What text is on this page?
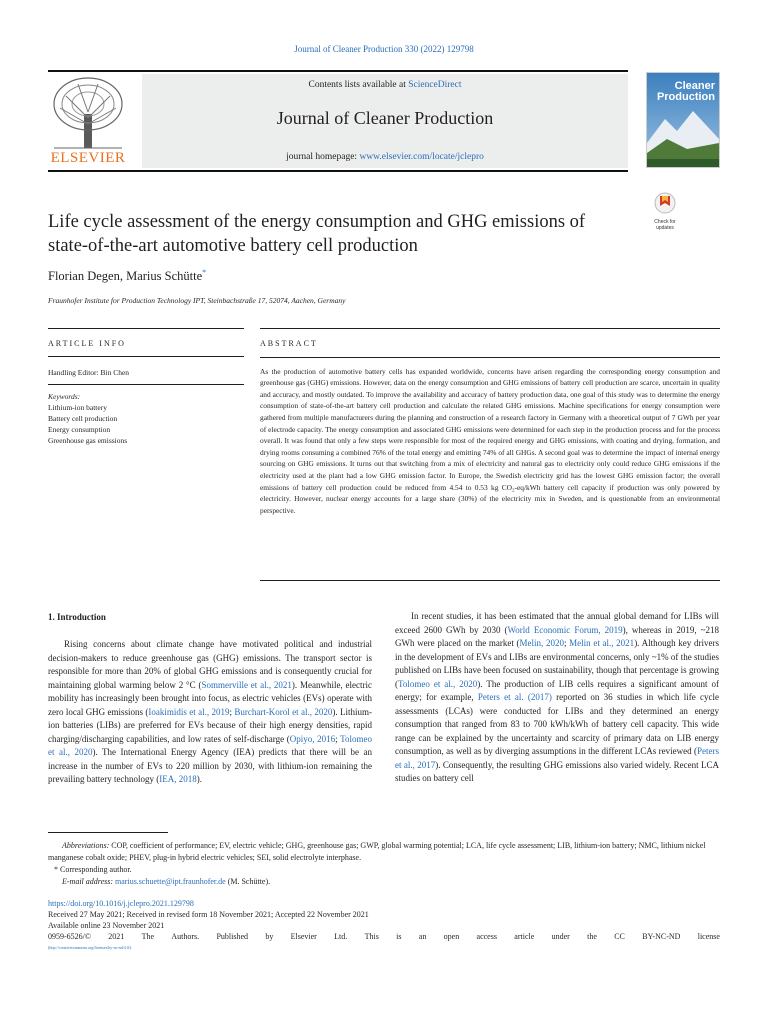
Journal of Cleaner Production 330 (2022) 129798
ELSEVIER
Contents lists available at ScienceDirect
Journal of Cleaner Production
journal homepage: www.elsevier.com/locate/jclepro
Cleaner
Production
Check for updates
Life cycle assessment of the energy consumption and GHG emissions of
state-of-the-art automotive battery cell production
Florian Degen, Marius Schütte*
Fraunhofer Institute for Production Technology IPT, Steinbachstraße 17, 52074, Aachen, Germany
ARTICLE INFO
Handling Editor: Bin Chen
Keywords:
Lithium-ion battery
Battery cell production
Energy consumption
Greenhouse gas emissions
ABSTRACT
As the production of automotive battery cells has expanded worldwide, concerns have arisen regarding the corresponding energy consumption and greenhouse gas (GHG) emissions. However, data on the energy consumption and GHG emissions of battery cell production are scarce, uncertain in quality and accuracy, and mostly outdated. To improve the availability and accuracy of battery production data, one goal of this study was to determine the energy consumption of state-of-the-art battery cell production and calculate the related GHG emissions. Machine specifications for energy consumption were gathered from multiple manufacturers during the planning and construction of a research factory in Germany with a theoretical output of 7 GWh per year of electrode capacity. The energy consumption and associated GHG emissions were determined for each step in the production process and for the process overall. It was found that only a few steps were responsible for most of the required energy and GHG emissions, with coating and drying, formation, and drying rooms consuming a combined 76% of the total energy and emitting 74% of all GHGs. A second goal was to determine the impact of internal energy sourcing on GHG emissions. It turns out that switching from a mix of electricity and natural gas to electricity only could reduce GHG emissions if the electricity used at the plant had a low GHG emission factor. In Europe, the Swedish electricity grid has the lowest GHG emission factor; the overall emissions of battery cell production could be reduced from 4.54 to 0.53 kg CO₂-eq/kWh battery cell capacity if production was only powered by electricity. However, nuclear energy accounts for a large share (30%) of the electricity mix in Sweden, and is questionable from an environmental perspective.
1. Introduction

Rising concerns about climate change have motivated political and industrial decision-makers to reduce greenhouse gas (GHG) emissions. The transport sector is responsible for more than 20% of global GHG emissions and is consequently crucial for maintaining global warming below 2 °C (Sommerville et al., 2021). Meanwhile, electric mobility has increasingly been brought into focus, as electric vehicles (EVs) operate with zero local GHG emissions (Ioakimidis et al., 2019; Burchart-Korol et al., 2020). Lithium-ion batteries (LIBs) are preferred for EVs because of their high energy densities, rapid charging/discharging capabilities, and low rates of self-discharge (Opiyo, 2016; Tolomeo et al., 2020). The International Energy Agency (IEA) predicts that there will be an increase in the number of EVs to 220 million by 2030, with lithium-ion remaining the prevailing battery technology (IEA, 2018).

In recent studies, it has been estimated that the annual global demand for LIBs will exceed 2600 GWh by 2030 (World Economic Forum, 2019), whereas in 2019, ~218 GWh were placed on the market (Melin, 2020; Melin et al., 2021). Although key drivers in the development of EVs and LIBs are environmental concerns, only ~1% of the studies published on LIBs have been focused on sustainability, though that percentage is growing (Tolomeo et al., 2020). The production of LIB cells requires a significant amount of energy; for example, Peters et al. (2017) reported on 36 studies in which life cycle assessments (LCAs) were conducted for LIBs and they determined an energy consumption that ranged from 83 to 700 kWh/kWh of battery cell capacity. This wide range can be explained by the uncertainty and scarcity of primary data on LIB energy consumption, as well as by diverging assumptions in the different LCAs reviewed (Peters et al., 2017). Consequently, the resulting GHG emissions also varied widely. Recent LCA studies on battery cell

Abbreviations: COP, coefficient of performance; EV, electric vehicle; GHG, greenhouse gas; GWP, global warming potential; LCA, life cycle assessment; LIB, lithium-ion battery; NMC, lithium nickel manganese cobalt oxide; PHEV, plug-in hybrid electric vehicles; SEI, solid electrolyte interphase.
* Corresponding author.
E-mail address: marius.schuette@ipt.fraunhofer.de (M. Schütte).
https://doi.org/10.1016/j.jclepro.2021.129798
Received 27 May 2021; Received in revised form 18 November 2021; Accepted 22 November 2021
Available online 23 November 2021
0959-6526/© 2021 The Authors. Published by Elsevier Ltd. This is an open access article under the CC BY-NC-ND license
(http://creativecommons.org/licenses/by-nc-nd/4.0/).
